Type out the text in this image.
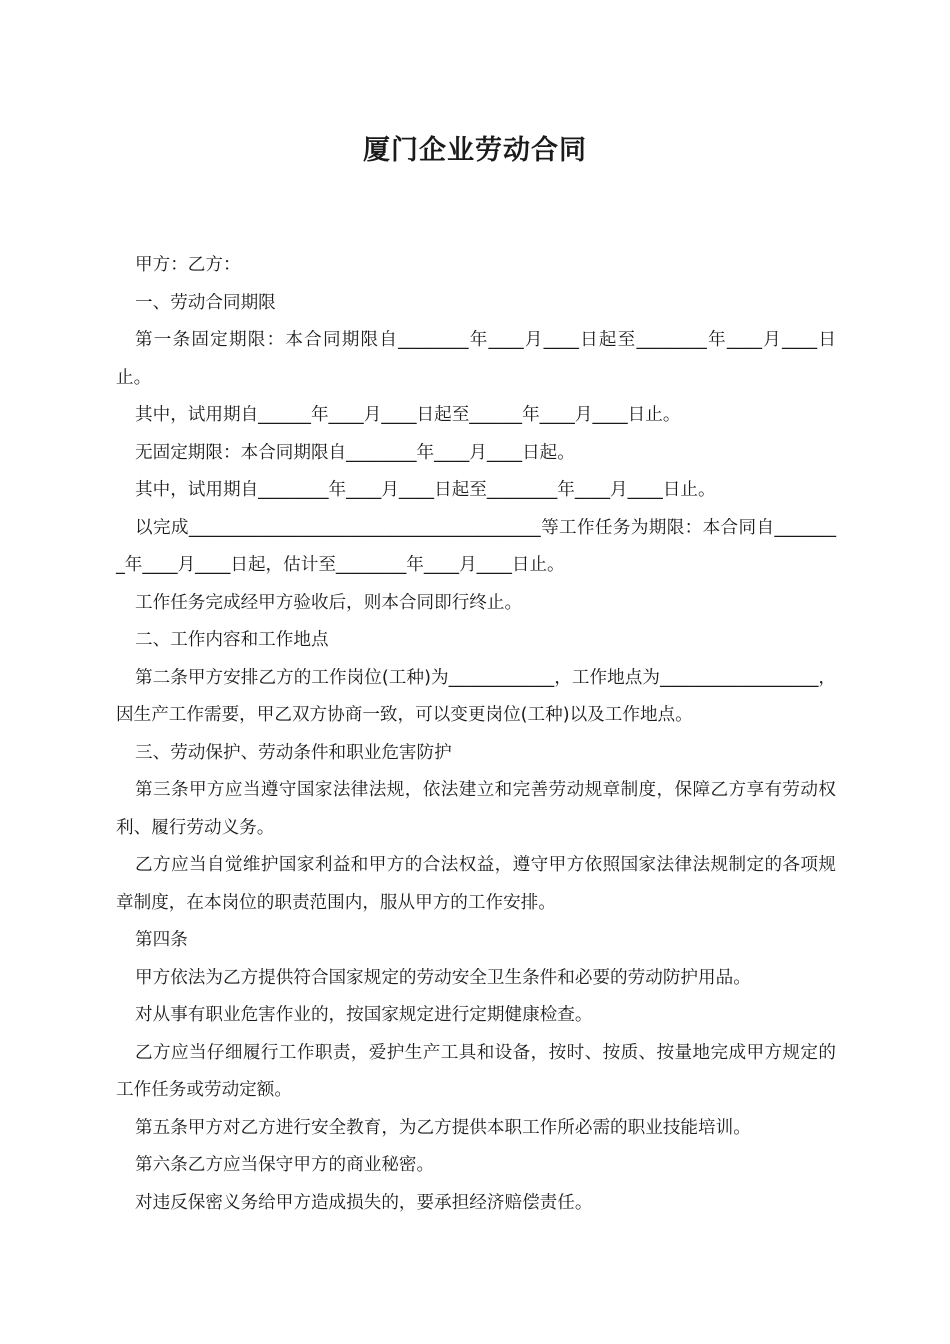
厦门企业劳动合同

甲方：乙方：

一、劳动合同期限

第一条固定期限：本合同期限自________年____月____日起至________年____月____日止。

其中，试用期自______年____月____日起至______年____月____日止。

无固定期限：本合同期限自________年____月____日起。

其中，试用期自________年____月____日起至________年____月____日止。

以完成________________________________________等工作任务为期限：本合同自________年____月____日起，估计至________年____月____日止。

工作任务完成经甲方验收后，则本合同即行终止。

二、工作内容和工作地点

第二条甲方安排乙方的工作岗位(工种)为____________，工作地点为__________________，因生产工作需要，甲乙双方协商一致，可以变更岗位(工种)以及工作地点。

三、劳动保护、劳动条件和职业危害防护

第三条甲方应当遵守国家法律法规，依法建立和完善劳动规章制度，保障乙方享有劳动权利、履行劳动义务。

乙方应当自觉维护国家利益和甲方的合法权益，遵守甲方依照国家法律法规制定的各项规章制度，在本岗位的职责范围内，服从甲方的工作安排。

第四条

甲方依法为乙方提供符合国家规定的劳动安全卫生条件和必要的劳动防护用品。

对从事有职业危害作业的，按国家规定进行定期健康检查。

乙方应当仔细履行工作职责，爱护生产工具和设备，按时、按质、按量地完成甲方规定的工作任务或劳动定额。

第五条甲方对乙方进行安全教育，为乙方提供本职工作所必需的职业技能培训。

第六条乙方应当保守甲方的商业秘密。

对违反保密义务给甲方造成损失的，要承担经济赔偿责任。
